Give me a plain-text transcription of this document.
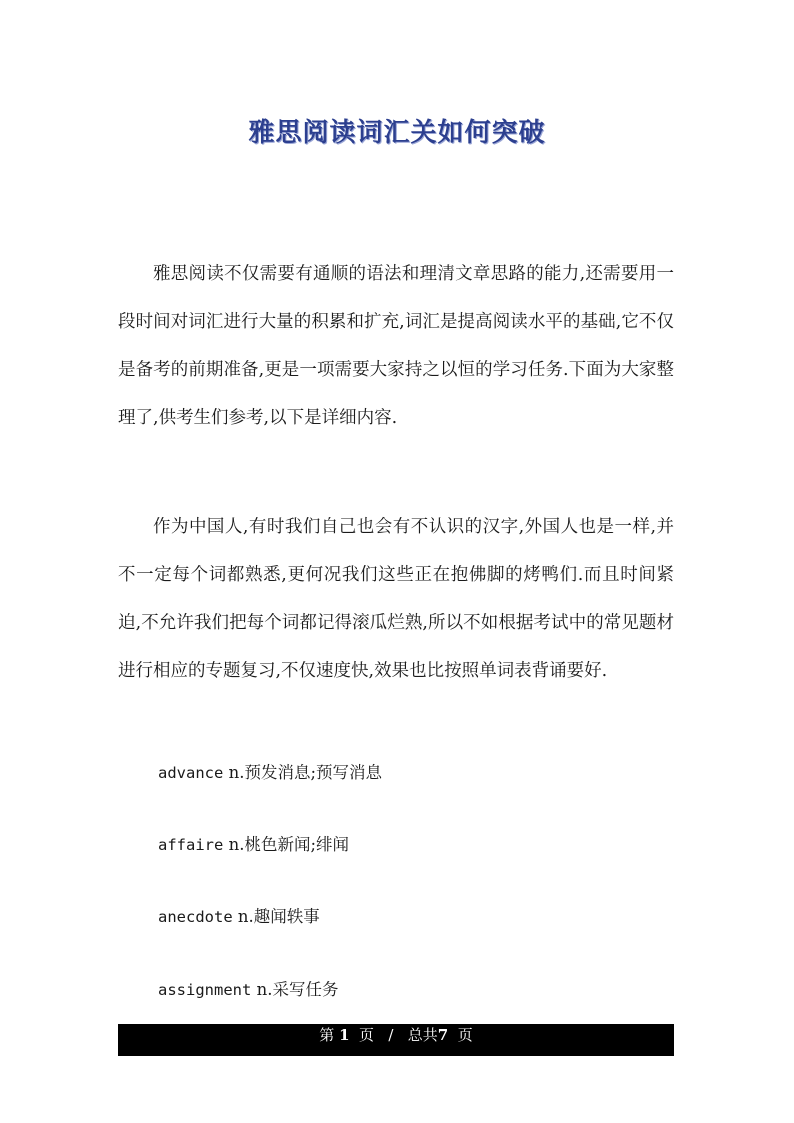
雅思阅读词汇关如何突破

雅思阅读不仅需要有通顺的语法和理清文章思路的能力,还需要用一段时间对词汇进行大量的积累和扩充,词汇是提高阅读水平的基础,它不仅是备考的前期准备,更是一项需要大家持之以恒的学习任务.下面为大家整理了,供考生们参考,以下是详细内容.

作为中国人,有时我们自己也会有不认识的汉字,外国人也是一样,并不一定每个词都熟悉,更何况我们这些正在抱佛脚的烤鸭们.而且时间紧迫,不允许我们把每个词都记得滚瓜烂熟,所以不如根据考试中的常见题材进行相应的专题复习,不仅速度快,效果也比按照单词表背诵要好.

advance n.预发消息;预写消息
affaire n.桃色新闻;绯闻
anecdote n.趣闻轶事
assignment n.采写任务
第 1  页   /   总共7  页
